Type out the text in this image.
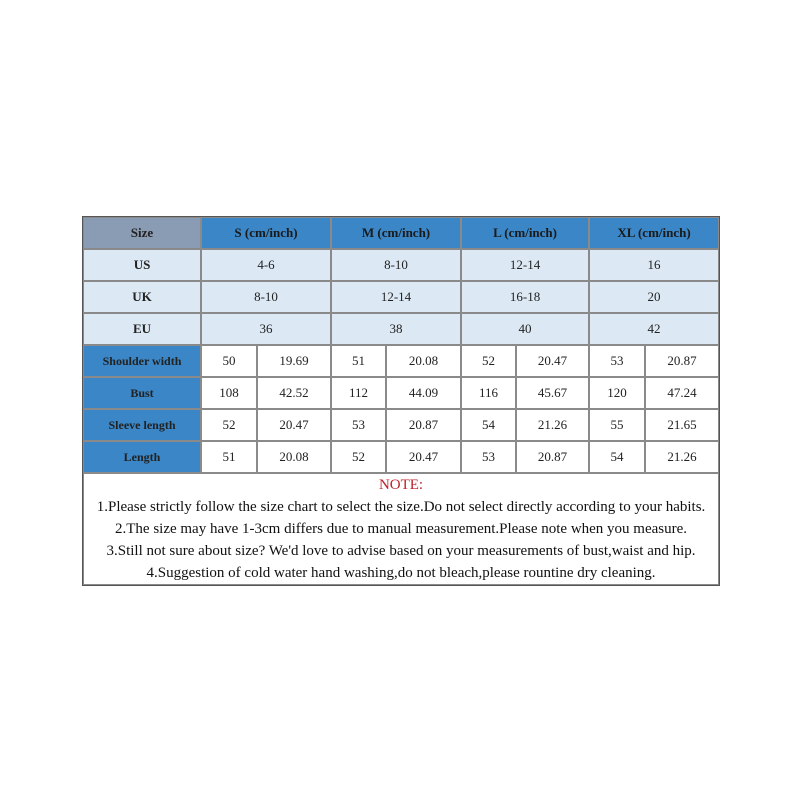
Size	S (cm/inch)		M (cm/inch)		L (cm/inch)		XL (cm/inch)	
US	4-6		8-10		12-14		16	
UK	8-10		12-14		16-18		20	
EU	36		38		40		42	
Shoulder width	50	19.69	51	20.08	52	20.47	53	20.87
Bust	108	42.52	112	44.09	116	45.67	120	47.24
Sleeve length	52	20.47	53	20.87	54	21.26	55	21.65
Length	51	20.08	52	20.47	53	20.87	54	21.26

NOTE:
1.Please strictly follow the size chart to select the size.Do not select directly according to your habits.
2.The size may have 1-3cm differs due to manual measurement.Please note when you measure.
3.Still not sure about size? We'd love to advise based on your measurements of bust,waist and hip.
4.Suggestion of cold water hand washing,do not bleach,please rountine dry cleaning.								
